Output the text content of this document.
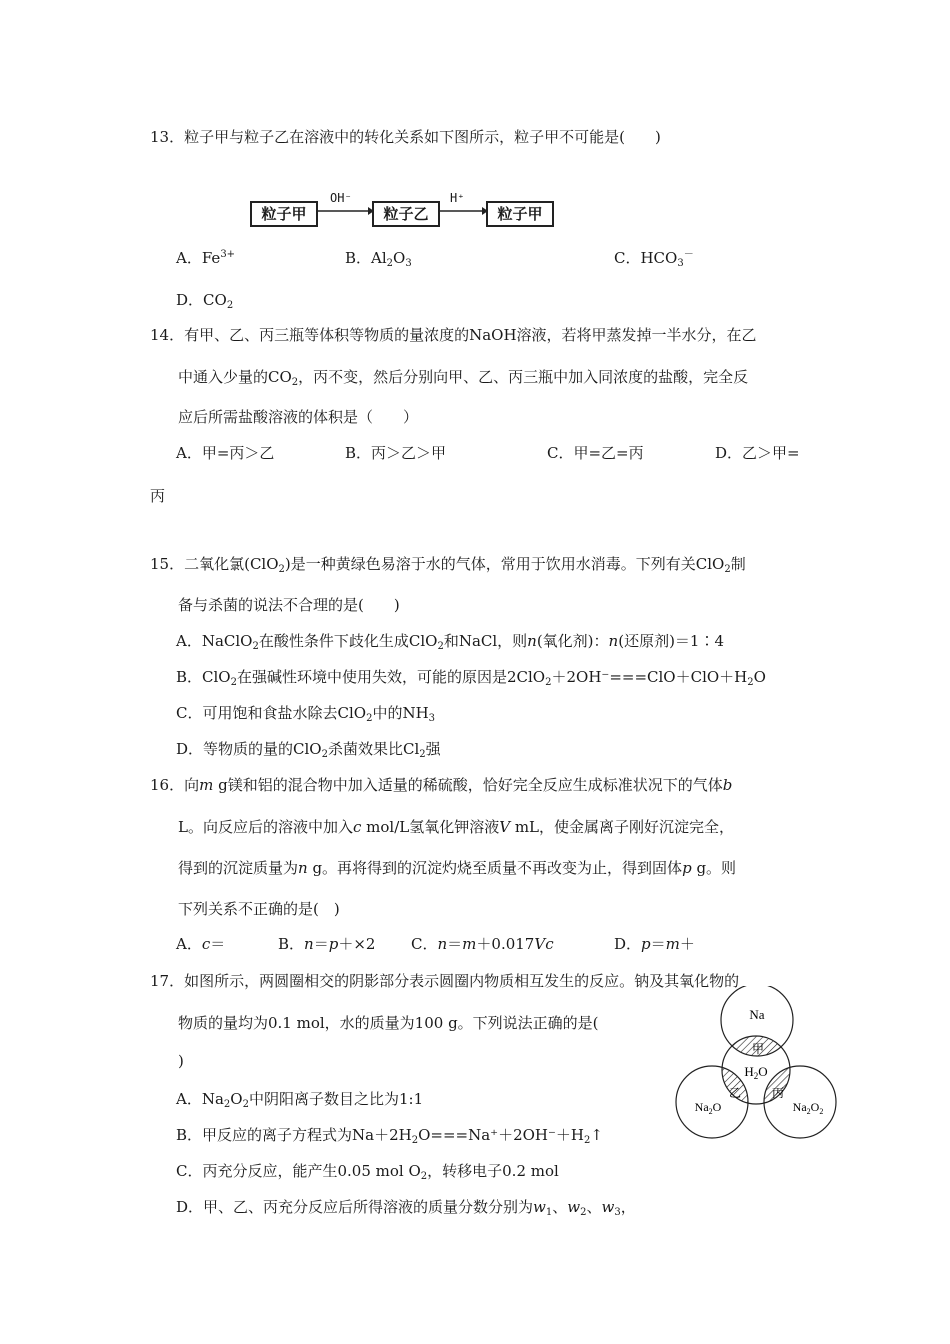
13．粒子甲与粒子乙在溶液中的转化关系如下图所示，粒子甲不可能是(　　)
粒子甲
OH⁻
粒子乙
H⁺
粒子甲
A．$Fe^{3+}$	B．$Al_2O_3$	C．$HCO_3^-$
D．$CO_2$
14．有甲、乙、丙三瓶等体积等物质的量浓度的NaOH溶液，若将甲蒸发掉一半水分，在乙
中通入少量的$CO_2$，丙不变，然后分别向甲、乙、丙三瓶中加入同浓度的盐酸，完全反
应后所需盐酸溶液的体积是（　　）
A．甲=丙＞乙	B．丙＞乙＞甲	C．甲=乙=丙	D．乙＞甲=
丙
15．二氧化氯(ClO$_2$)是一种黄绿色易溶于水的气体，常用于饮用水消毒。下列有关ClO$_2$制
备与杀菌的说法不合理的是(　　)
A．NaClO$_2$在酸性条件下歧化生成ClO$_2$和NaCl，则n(氧化剂)：n(还原剂)＝1∶4
B．ClO$_2$在强碱性环境中使用失效，可能的原因是$2ClO_2+2OH^-===ClO+ClO+H_2O$
C．可用饱和食盐水除去ClO$_2$中的$NH_3$
D．等物质的量的ClO$_2$杀菌效果比$Cl_2$强
16．向m g镁和铝的混合物中加入适量的稀硫酸，恰好完全反应生成标准状况下的气体b
L。向反应后的溶液中加入c mol/L氢氧化钾溶液V mL，使金属离子刚好沉淀完全，
得到的沉淀质量为n g。再将得到的沉淀灼烧至质量不再改变为止，得到固体p g。则
下列关系不正确的是(　)
A．c＝	B．n＝p＋×2 C．n＝m＋0.017Vc	D．p＝m＋
17．如图所示，两圆圈相交的阴影部分表示圆圈内物质相互发生的反应。钠及其氧化物的
物质的量均为0.1 mol，水的质量为100 g。下列说法正确的是(
)
A．$Na_2O_2$中阴阳离子数目之比为1:1
B．甲反应的离子方程式为$Na+2H_2O===Na^++2OH^-+H_2↑$
C．丙充分反应，能产生0.05 mol $O_2$，转移电子0.2 mol
D．甲、乙、丙充分反应后所得溶液的质量分数分别为$w_1$、$w_2$、$w_3$，
Na
$H_2O$
$Na_2O$	$Na_2O_2$
甲
乙	丙
